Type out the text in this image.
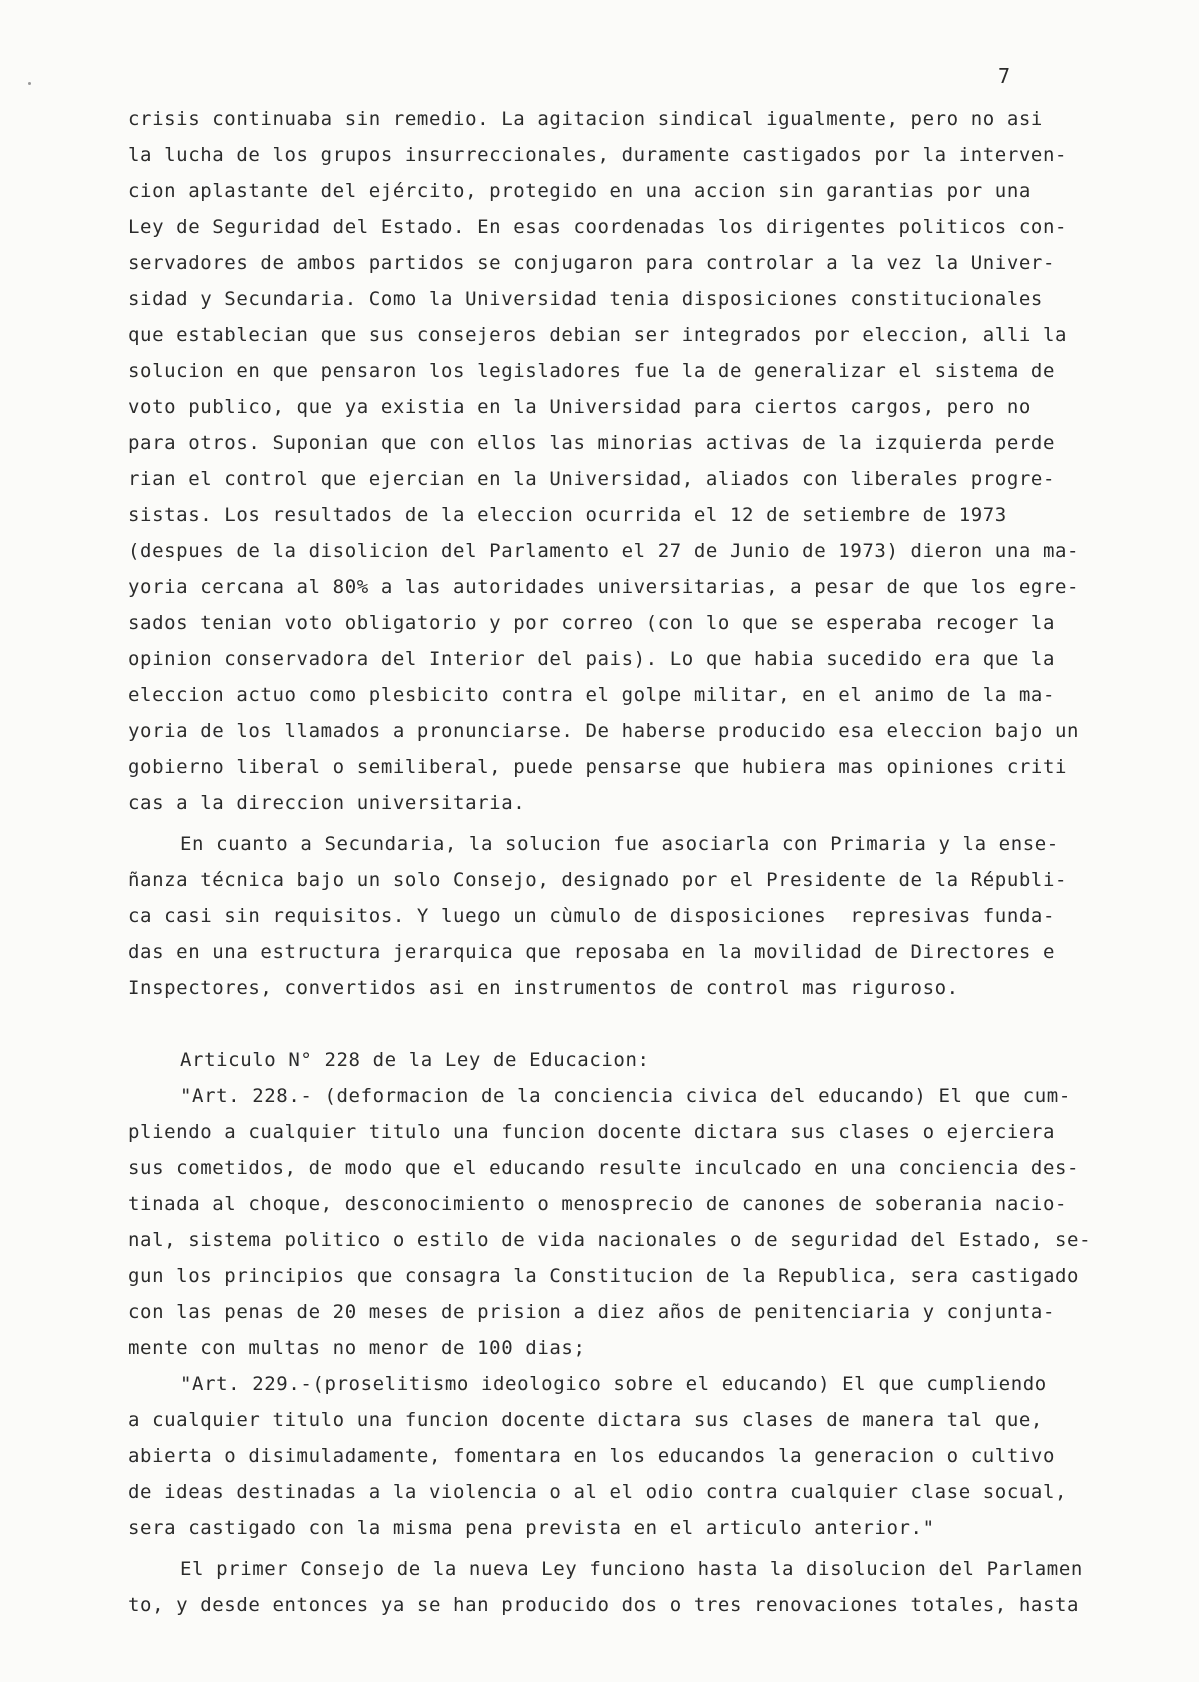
7
crisis continuaba sin remedio. La agitacion sindical igualmente, pero no asi
la lucha de los grupos insurreccionales, duramente castigados por la interven-
cion aplastante del ejército, protegido en una accion sin garantias por una
Ley de Seguridad del Estado. En esas coordenadas los dirigentes politicos con-
servadores de ambos partidos se conjugaron para controlar a la vez la Univer-
sidad y Secundaria. Como la Universidad tenia disposiciones constitucionales
que establecian que sus consejeros debian ser integrados por eleccion, alli la
solucion en que pensaron los legisladores fue la de generalizar el sistema de
voto publico, que ya existia en la Universidad para ciertos cargos, pero no
para otros. Suponian que con ellos las minorias activas de la izquierda perde
rian el control que ejercian en la Universidad, aliados con liberales progre-
sistas. Los resultados de la eleccion ocurrida el 12 de setiembre de 1973
(despues de la disolicion del Parlamento el 27 de Junio de 1973) dieron una ma-
yoria cercana al 80% a las autoridades universitarias, a pesar de que los egre-
sados tenian voto obligatorio y por correo (con lo que se esperaba recoger la
opinion conservadora del Interior del pais). Lo que habia sucedido era que la
eleccion actuo como plesbicito contra el golpe militar, en el animo de la ma-
yoria de los llamados a pronunciarse. De haberse producido esa eleccion bajo un
gobierno liberal o semiliberal, puede pensarse que hubiera mas opiniones criti
cas a la direccion universitaria.
En cuanto a Secundaria, la solucion fue asociarla con Primaria y la ense-
ñanza técnica bajo un solo Consejo, designado por el Presidente de la Républi-
ca casi sin requisitos. Y luego un cùmulo de disposiciones  represivas funda-
das en una estructura jerarquica que reposaba en la movilidad de Directores e
Inspectores, convertidos asi en instrumentos de control mas riguroso.
Articulo N° 228 de la Ley de Educacion:
"Art. 228.- (deformacion de la conciencia civica del educando) El que cum-
pliendo a cualquier titulo una funcion docente dictara sus clases o ejerciera
sus cometidos, de modo que el educando resulte inculcado en una conciencia des-
tinada al choque, desconocimiento o menosprecio de canones de soberania nacio-
nal, sistema politico o estilo de vida nacionales o de seguridad del Estado, se-
gun los principios que consagra la Constitucion de la Republica, sera castigado
con las penas de 20 meses de prision a diez años de penitenciaria y conjunta-
mente con multas no menor de 100 dias;
"Art. 229.-(proselitismo ideologico sobre el educando) El que cumpliendo
a cualquier titulo una funcion docente dictara sus clases de manera tal que,
abierta o disimuladamente, fomentara en los educandos la generacion o cultivo
de ideas destinadas a la violencia o al el odio contra cualquier clase socual,
sera castigado con la misma pena prevista en el articulo anterior."
El primer Consejo de la nueva Ley funciono hasta la disolucion del Parlamen
to, y desde entonces ya se han producido dos o tres renovaciones totales, hasta
